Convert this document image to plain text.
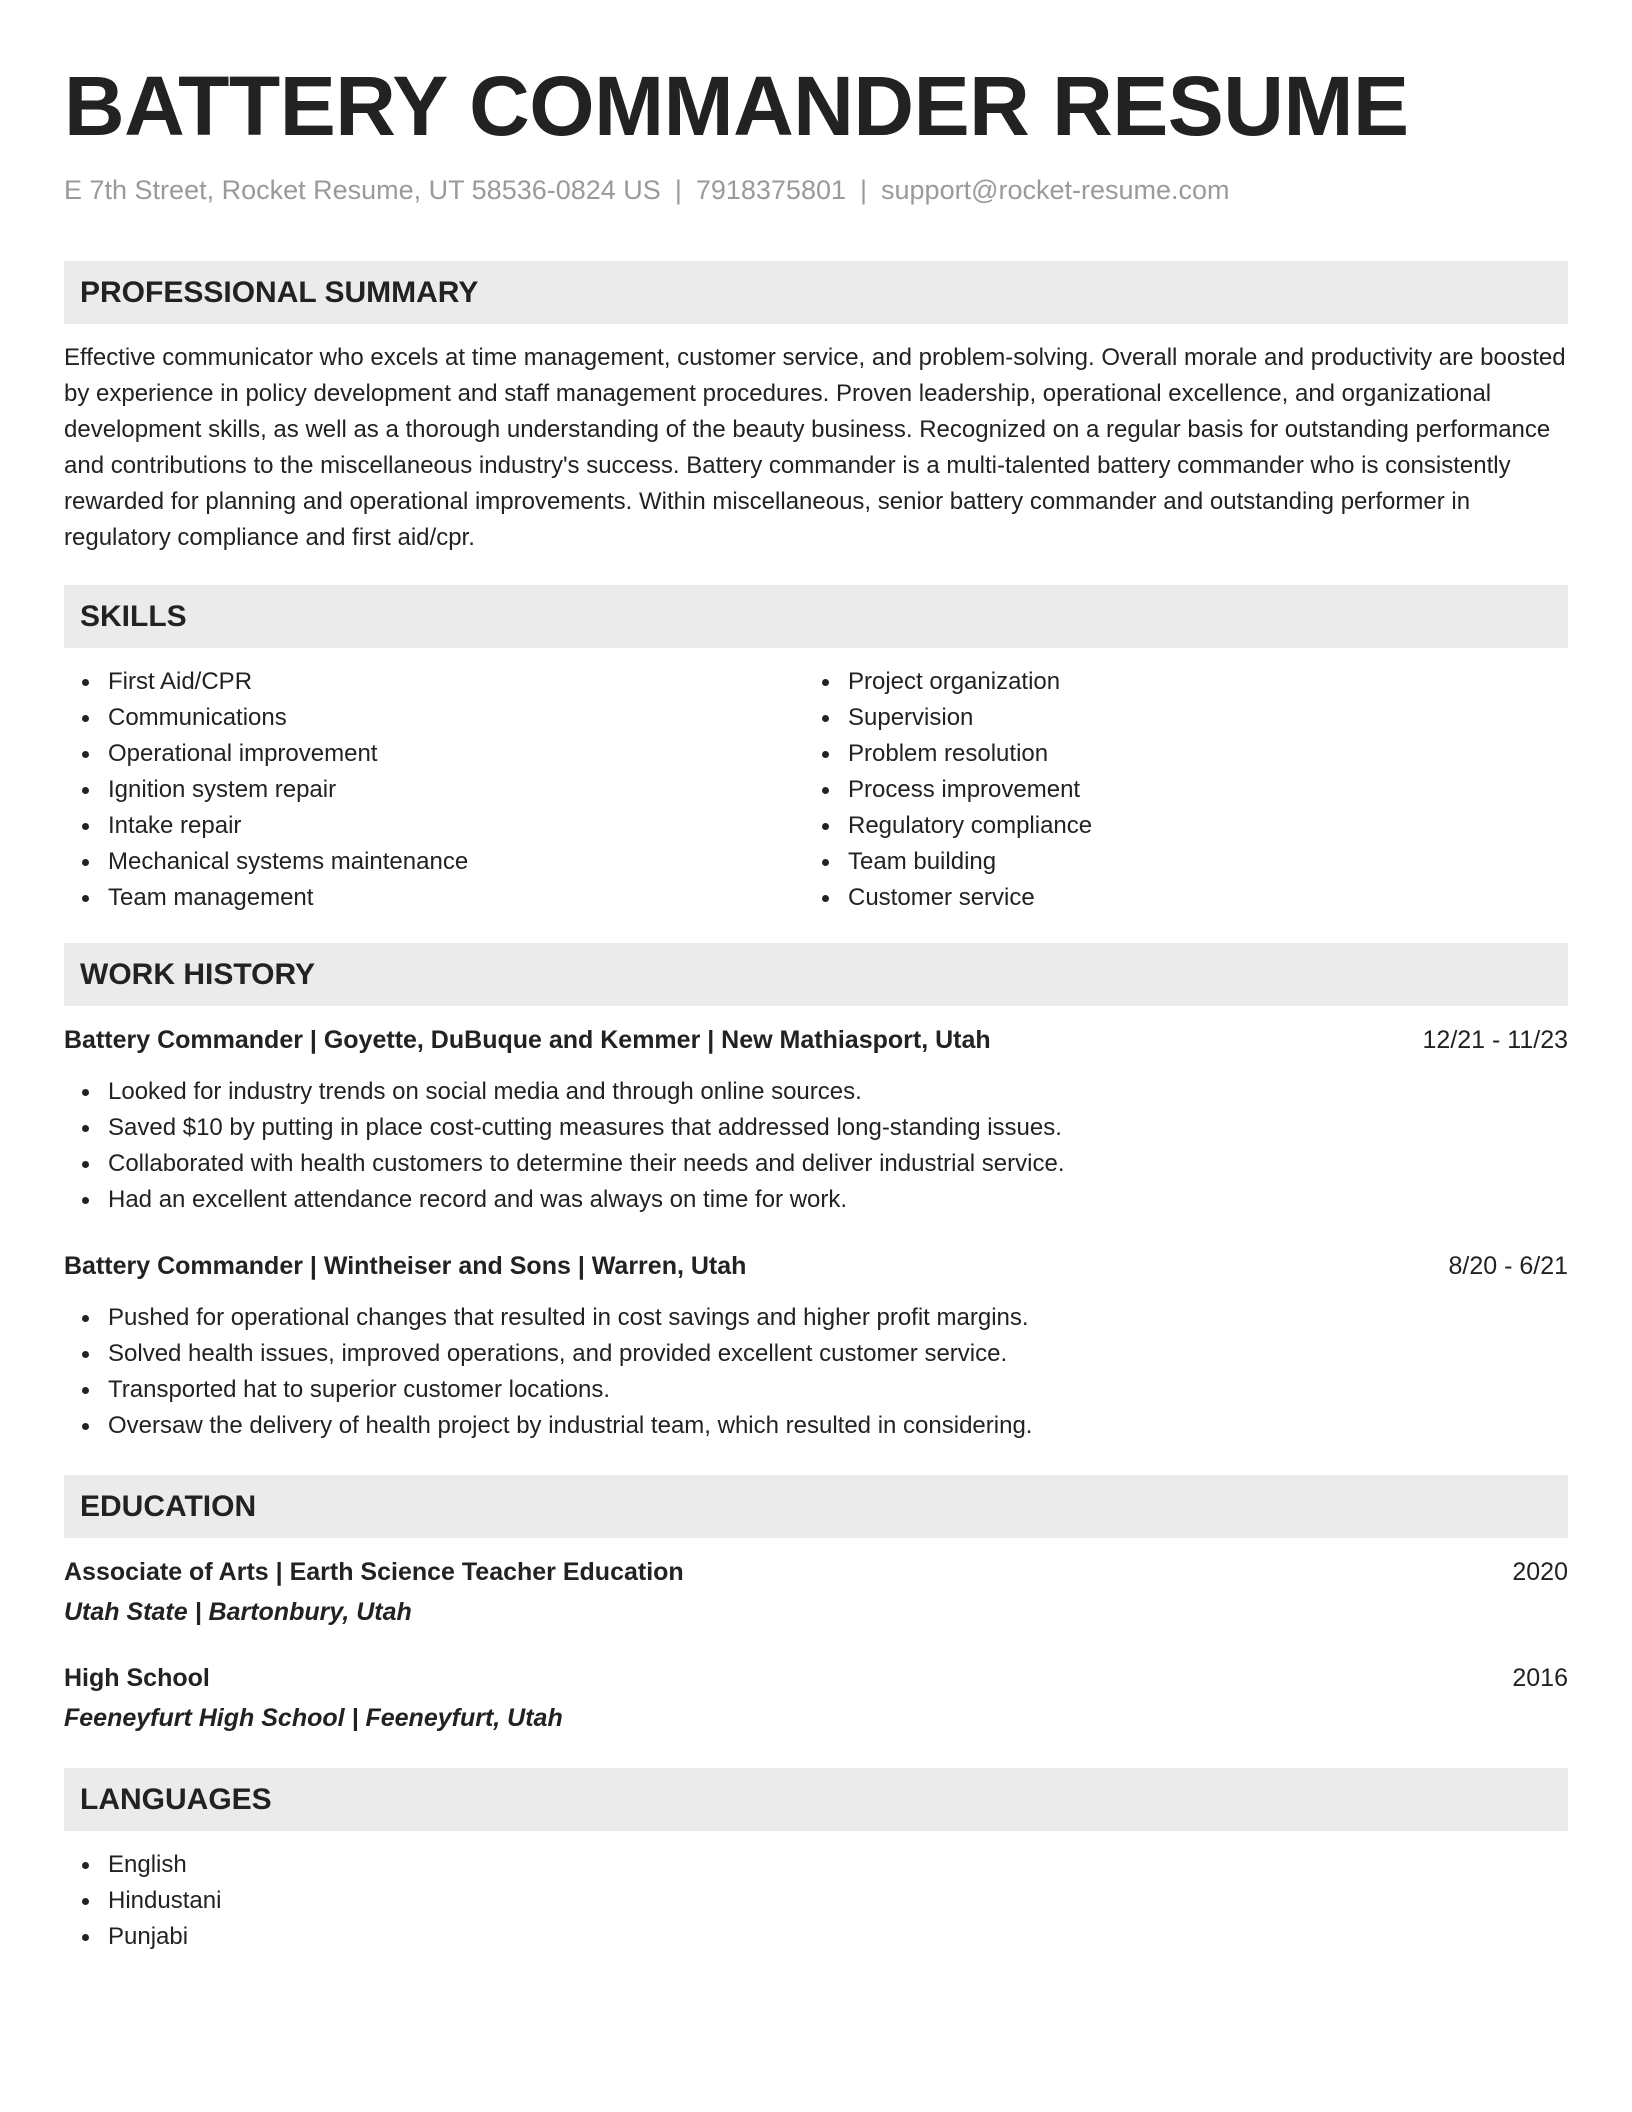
BATTERY COMMANDER RESUME
E 7th Street, Rocket Resume, UT 58536-0824 US | 7918375801 | support@rocket-resume.com
PROFESSIONAL SUMMARY

Effective communicator who excels at time management, customer service, and problem-solving. Overall morale and productivity are boosted by experience in policy development and staff management procedures. Proven leadership, operational excellence, and organizational development skills, as well as a thorough understanding of the beauty business. Recognized on a regular basis for outstanding performance and contributions to the miscellaneous industry's success. Battery commander is a multi-talented battery commander who is consistently rewarded for planning and operational improvements. Within miscellaneous, senior battery commander and outstanding performer in regulatory compliance and first aid/cpr.

SKILLS
First Aid/CPR
Communications
Operational improvement
Ignition system repair
Intake repair
Mechanical systems maintenance
Team management
Project organization
Supervision
Problem resolution
Process improvement
Regulatory compliance
Team building
Customer service
WORK HISTORY
Battery Commander | Goyette, DuBuque and Kemmer | New Mathiasport, Utah	12/21 - 11/23
Looked for industry trends on social media and through online sources.
Saved $10 by putting in place cost-cutting measures that addressed long-standing issues.
Collaborated with health customers to determine their needs and deliver industrial service.
Had an excellent attendance record and was always on time for work.
Battery Commander | Wintheiser and Sons | Warren, Utah	8/20 - 6/21
Pushed for operational changes that resulted in cost savings and higher profit margins.
Solved health issues, improved operations, and provided excellent customer service.
Transported hat to superior customer locations.
Oversaw the delivery of health project by industrial team, which resulted in considering.
EDUCATION
Associate of Arts | Earth Science Teacher Education	2020
Utah State | Bartonbury, Utah
High School	2016
Feeneyfurt High School | Feeneyfurt, Utah
LANGUAGES
English
Hindustani
Punjabi
